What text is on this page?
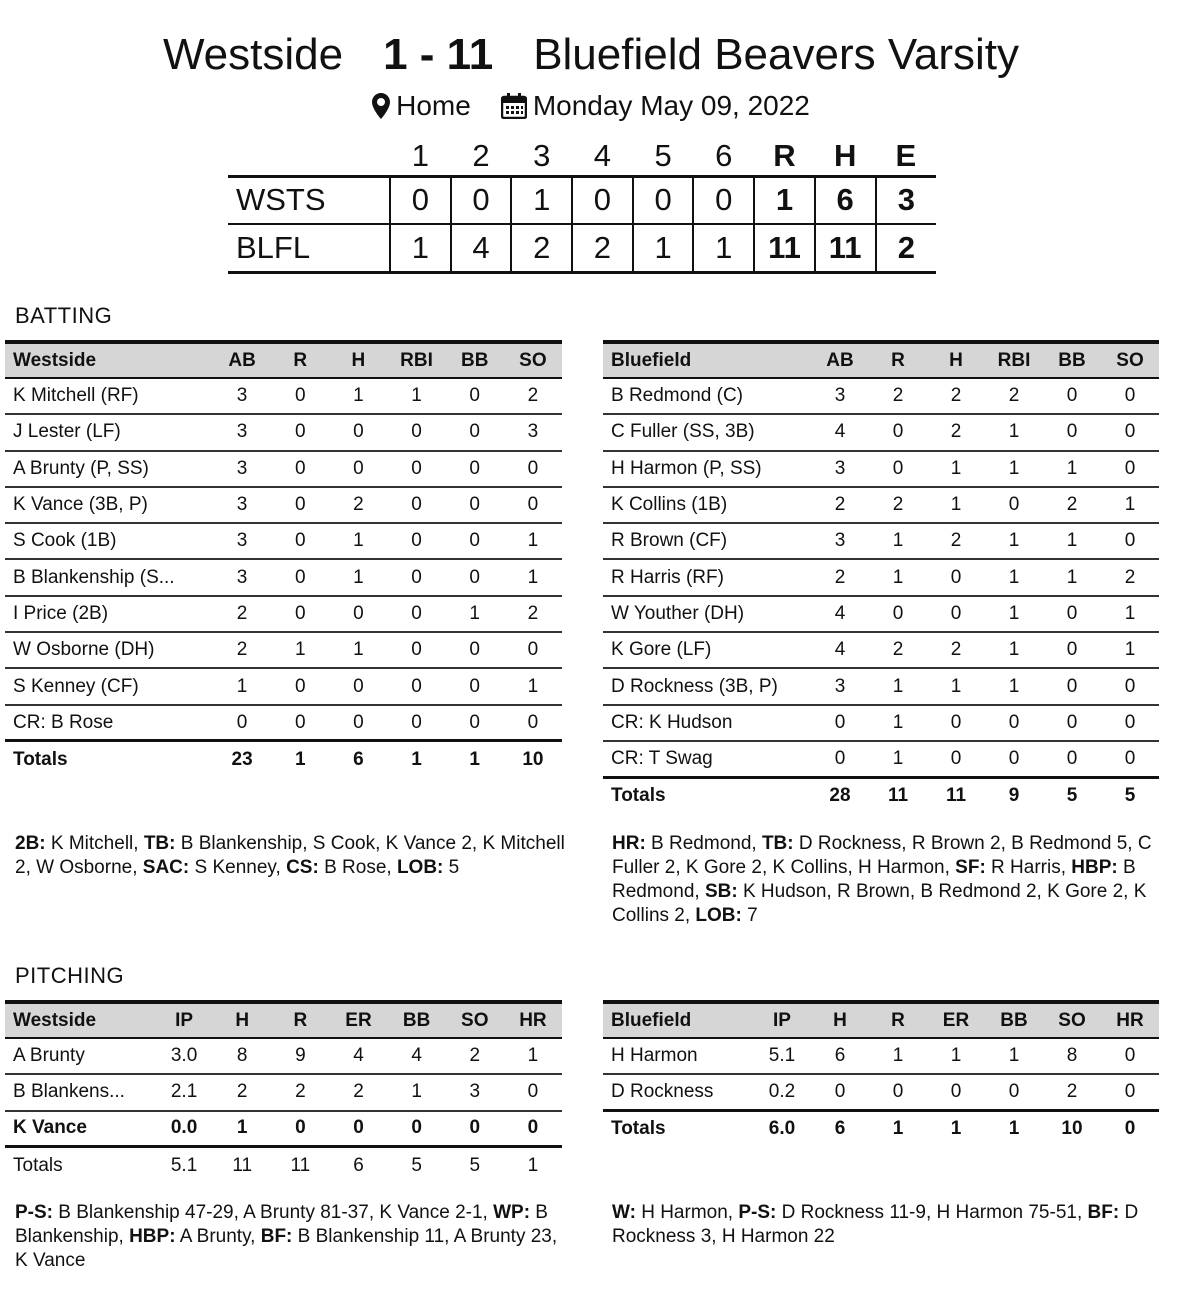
Westside 1 - 11 Bluefield Beavers Varsity
Home Monday May 09, 2022
	1	2	3	4	5	6	R	H	E
WSTS	0	0	1	0	0	0	1	6	3
BLFL	1	4	2	2	1	1	11	11	2
BATTING
Westside	AB	R	H	RBI	BB	SO
K Mitchell (RF)	3	0	1	1	0	2
J Lester (LF)	3	0	0	0	0	3
A Brunty (P, SS)	3	0	0	0	0	0
K Vance (3B, P)	3	0	2	0	0	0
S Cook (1B)	3	0	1	0	0	1
B Blankenship (S...	3	0	1	0	0	1
I Price (2B)	2	0	0	0	1	2
W Osborne (DH)	2	1	1	0	0	0
S Kenney (CF)	1	0	0	0	0	1
CR: B Rose	0	0	0	0	0	0
Totals	23	1	6	1	1	10
Bluefield	AB	R	H	RBI	BB	SO
B Redmond (C)	3	2	2	2	0	0
C Fuller (SS, 3B)	4	0	2	1	0	0
H Harmon (P, SS)	3	0	1	1	1	0
K Collins (1B)	2	2	1	0	2	1
R Brown (CF)	3	1	2	1	1	0
R Harris (RF)	2	1	0	1	1	2
W Youther (DH)	4	0	0	1	0	1
K Gore (LF)	4	2	2	1	0	1
D Rockness (3B, P)	3	1	1	1	0	0
CR: K Hudson	0	1	0	0	0	0
CR: T Swag	0	1	0	0	0	0
Totals	28	11	11	9	5	5
2B: K Mitchell, TB: B Blankenship, S Cook, K Vance 2, K Mitchell 2, W Osborne, SAC: S Kenney, CS: B Rose, LOB: 5
HR: B Redmond, TB: D Rockness, R Brown 2, B Redmond 5, C Fuller 2, K Gore 2, K Collins, H Harmon, SF: R Harris, HBP: B Redmond, SB: K Hudson, R Brown, B Redmond 2, K Gore 2, K Collins 2, LOB: 7
PITCHING
Westside	IP	H	R	ER	BB	SO	HR
A Brunty	3.0	8	9	4	4	2	1
B Blankens...	2.1	2	2	2	1	3	0
K Vance	0.0	1	0	0	0	0	0
Totals	5.1	11	11	6	5	5	1
Bluefield	IP	H	R	ER	BB	SO	HR
H Harmon	5.1	6	1	1	1	8	0
D Rockness	0.2	0	0	0	0	2	0
Totals	6.0	6	1	1	1	10	0
P-S: B Blankenship 47-29, A Brunty 81-37, K Vance 2-1, WP: B Blankenship, HBP: A Brunty, BF: B Blankenship 11, A Brunty 23, K Vance
W: H Harmon, P-S: D Rockness 11-9, H Harmon 75-51, BF: D Rockness 3, H Harmon 22
